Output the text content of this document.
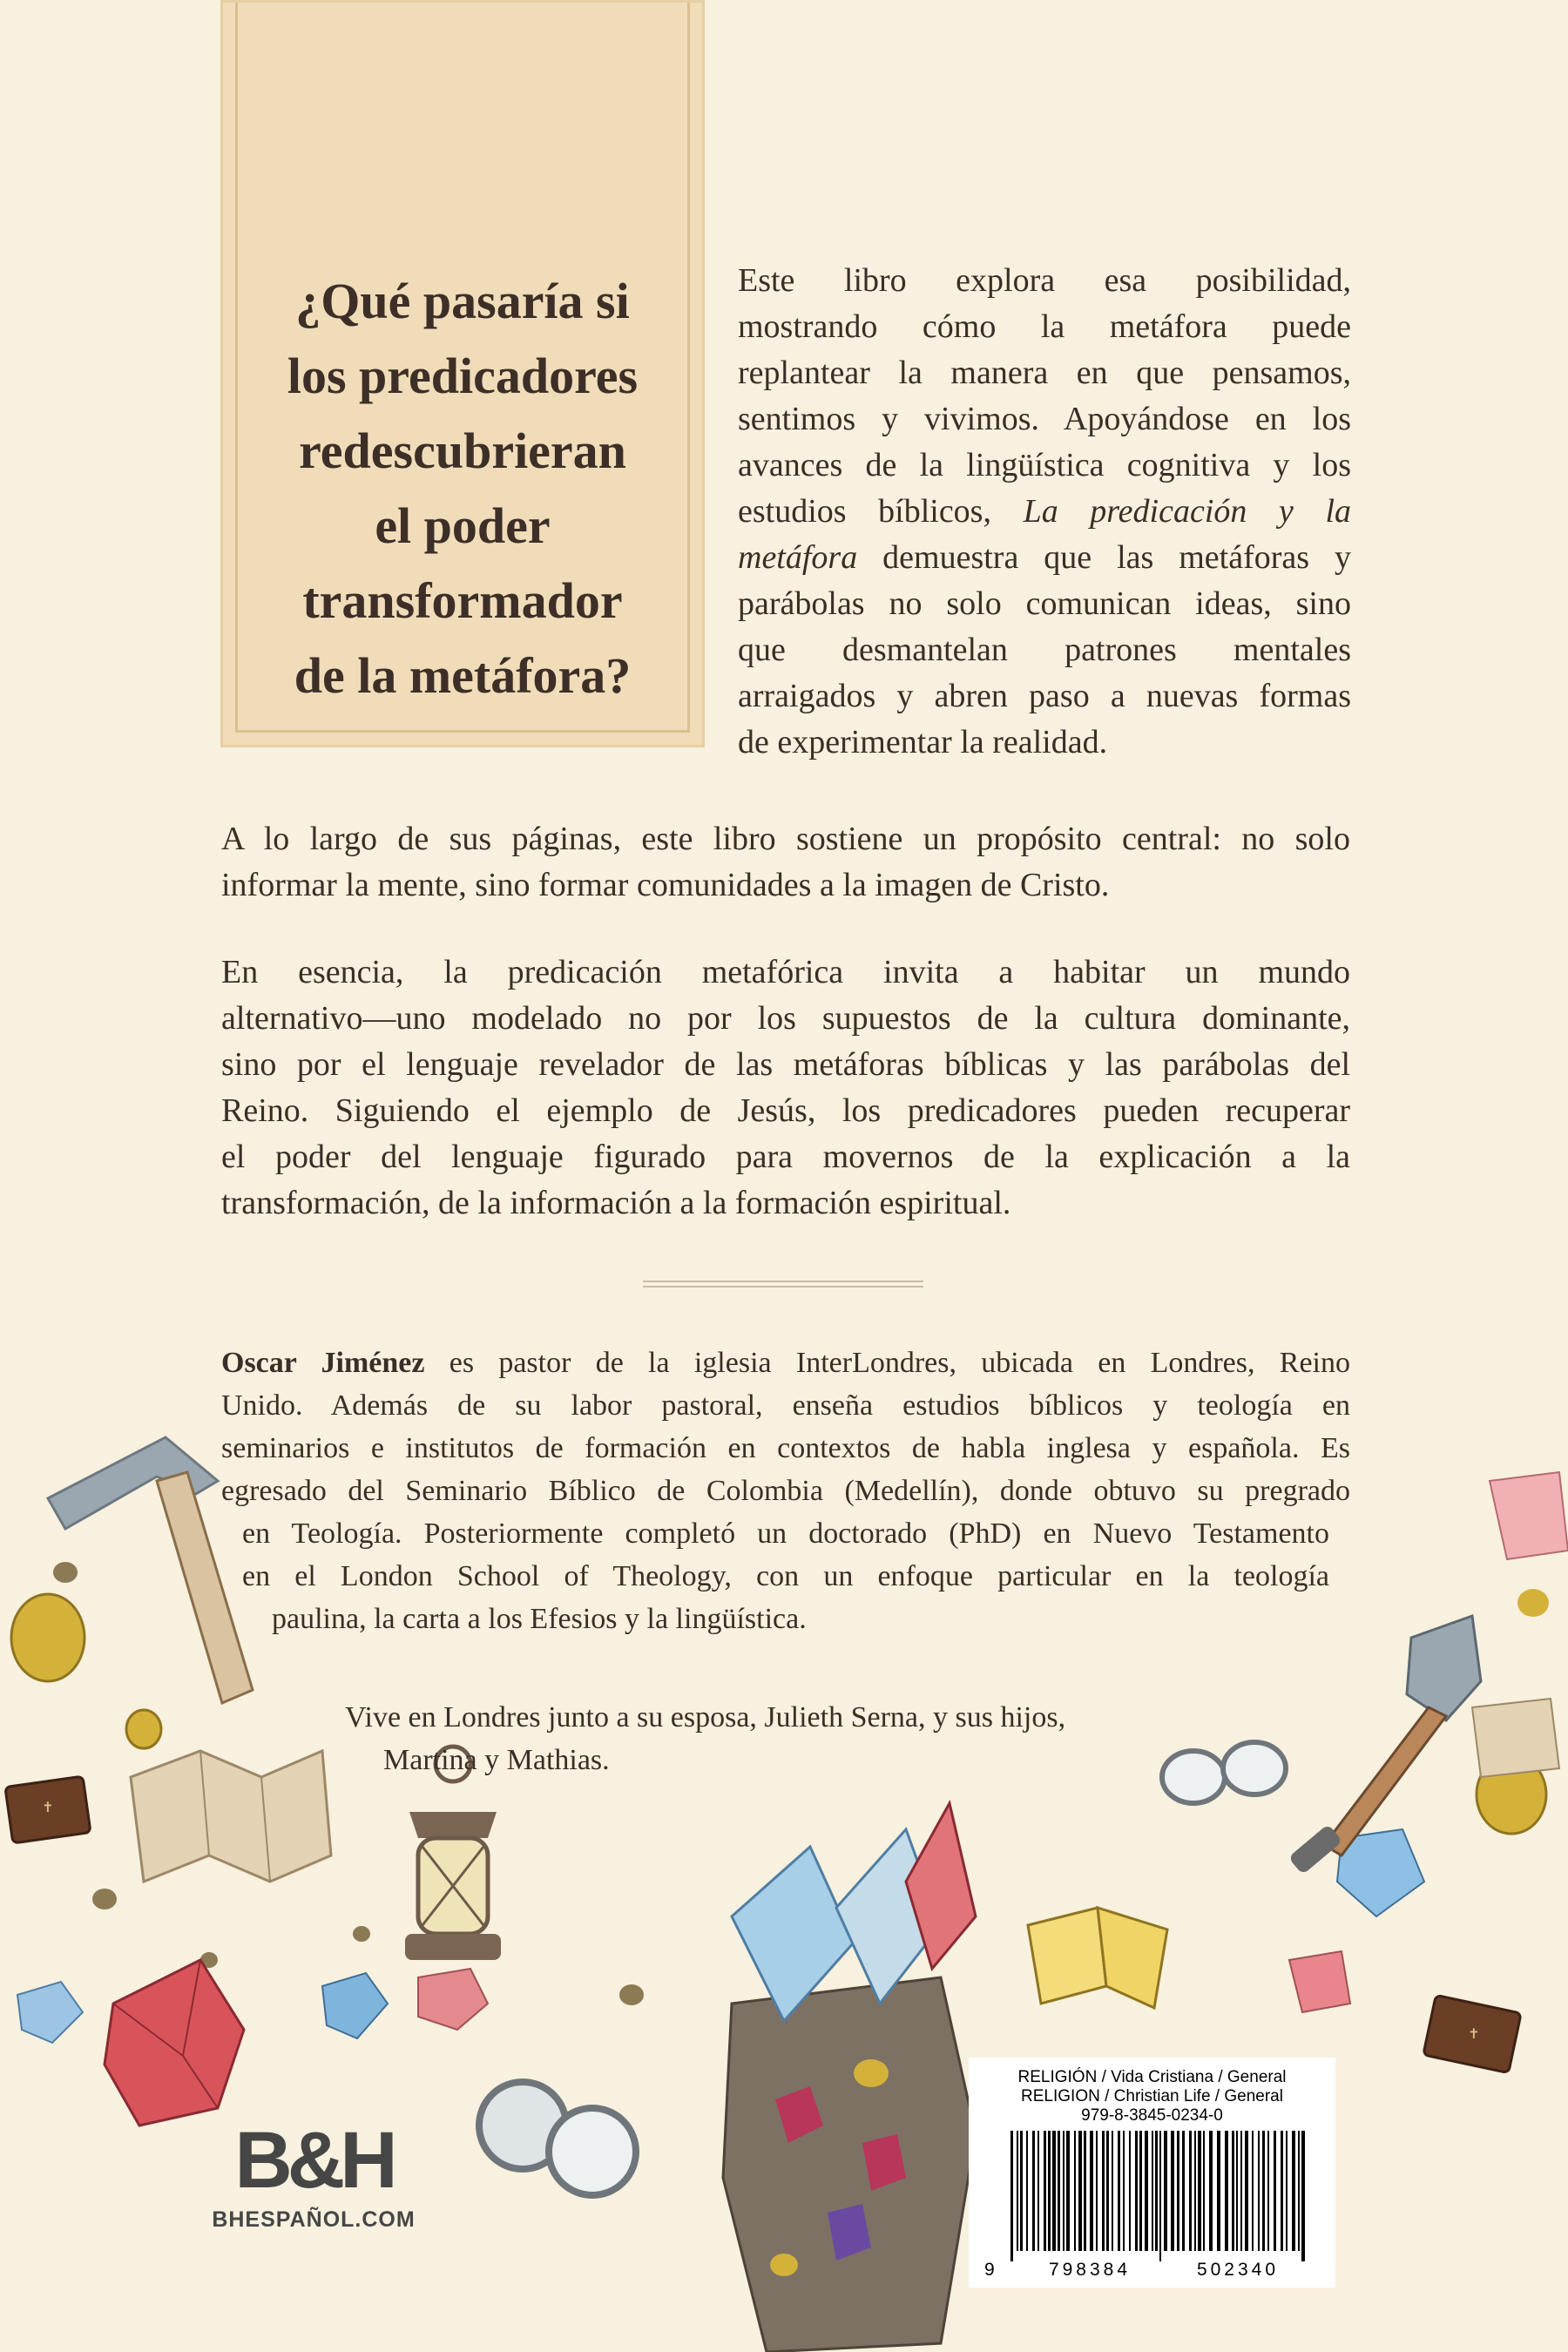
✝
✝
¿Qué pasaría si
los predicadores
redescubrieran
el poder
transformador
de la metáfora?
Este libro explora esa posibilidad,
mostrando cómo la metáfora puede
replantear la manera en que pensamos,
sentimos y vivimos. Apoyándose en los
avances de la lingüística cognitiva y los
estudios bíblicos, La predicación y la
metáfora demuestra que las metáforas y
parábolas no solo comunican ideas, sino
que desmantelan patrones mentales
arraigados y abren paso a nuevas formas
de experimentar la realidad.
A lo largo de sus páginas, este libro sostiene un propósito central: no solo
informar la mente, sino formar comunidades a la imagen de Cristo.
En esencia, la predicación metafórica invita a habitar un mundo
alternativo—uno modelado no por los supuestos de la cultura dominante,
sino por el lenguaje revelador de las metáforas bíblicas y las parábolas del
Reino. Siguiendo el ejemplo de Jesús, los predicadores pueden recuperar
el poder del lenguaje figurado para movernos de la explicación a la
transformación, de la información a la formación espiritual.
Oscar Jiménez es pastor de la iglesia InterLondres, ubicada en Londres, Reino
Unido. Además de su labor pastoral, enseña estudios bíblicos y teología en
seminarios e institutos de formación en contextos de habla inglesa y española. Es
egresado del Seminario Bíblico de Colombia (Medellín), donde obtuvo su pregrado
en Teología. Posteriormente completó un doctorado (PhD) en Nuevo Testamento
en el London School of Theology, con un enfoque particular en la teología
paulina, la carta a los Efesios y la lingüística.
Vive en Londres junto a su esposa, Julieth Serna, y sus hijos,
Martina y Mathias.
B&H
BHESPAÑOL.COM
RELIGIÓN / Vida Cristiana / General
RELIGION / Christian Life / General
979-8-3845-0234-0
9	798384	502340
